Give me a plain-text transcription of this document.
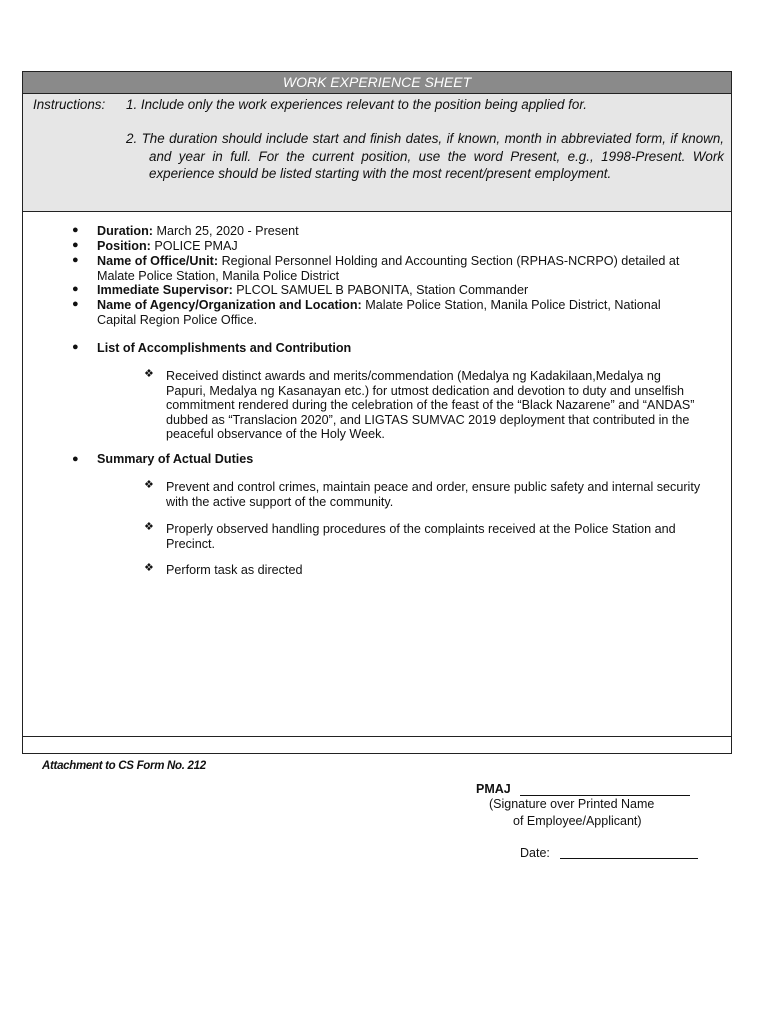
WORK EXPERIENCE SHEET
Instructions: 1. Include only the work experiences relevant to the position being applied for.
2. The duration should include start and finish dates, if known, month in abbreviated form, if known, and year in full. For the current position, use the word Present, e.g., 1998-Present. Work experience should be listed starting with the most recent/present employment.
● Duration: March 25, 2020 - Present
● Position: POLICE PMAJ
● Name of Office/Unit: Regional Personnel Holding and Accounting Section (RPHAS-NCRPO) detailed at Malate Police Station, Manila Police District
● Immediate Supervisor: PLCOL SAMUEL B PABONITA, Station Commander
● Name of Agency/Organization and Location: Malate Police Station, Manila Police District, National Capital Region Police Office.
● List of Accomplishments and Contribution
❖ Received distinct awards and merits/commendation (Medalya ng Kadakilaan,Medalya ng Papuri, Medalya ng Kasanayan etc.) for utmost dedication and devotion to duty and unselfish commitment rendered during the celebration of the feast of the “Black Nazarene” and “ANDAS” dubbed as “Translacion 2020”, and LIGTAS SUMVAC 2019 deployment that contributed in the peaceful observance of the Holy Week.
● Summary of Actual Duties
❖ Prevent and control crimes, maintain peace and order, ensure public safety and internal security with the active support of the community.
❖ Properly observed handling procedures of the complaints received at the Police Station and Precinct.
❖ Perform task as directed
Attachment to CS Form No. 212
PMAJ
(Signature over Printed Name
of Employee/Applicant)
Date:
